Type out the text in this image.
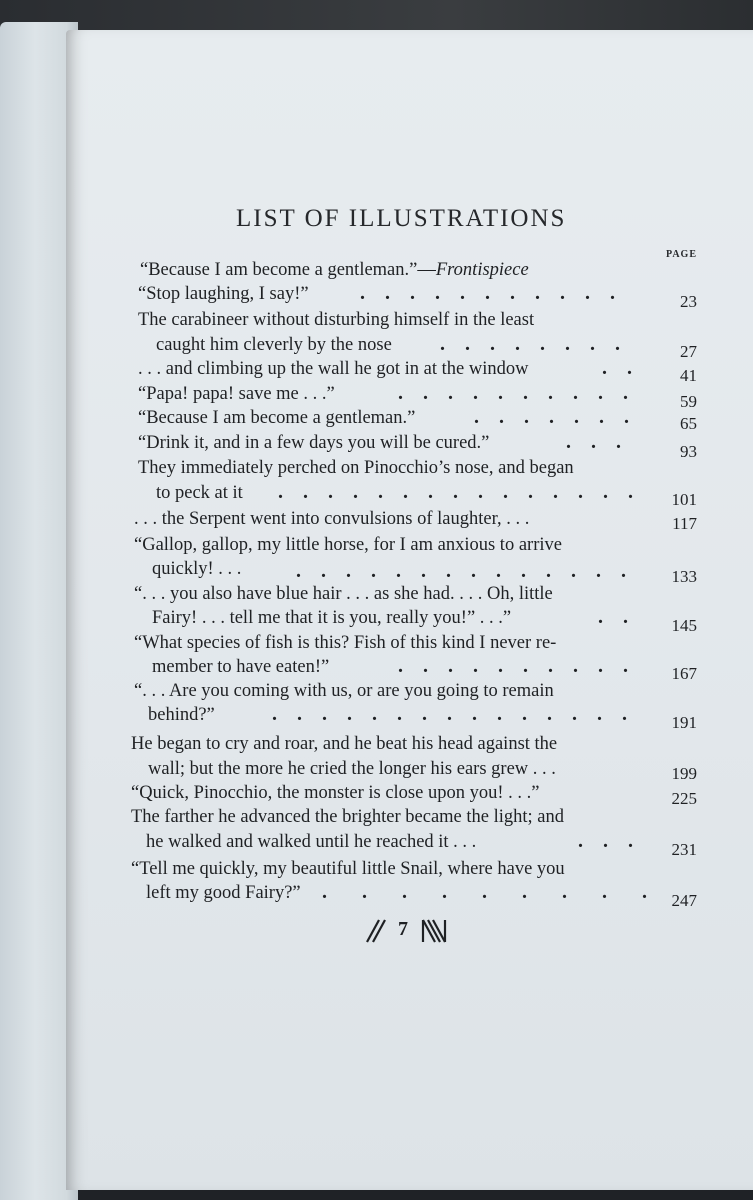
LIST OF ILLUSTRATIONS
PAGE
“Because I am become a gentleman.”—Frontispiece
“Stop laughing, I say!”	.    .    .    .    .    .    .    .    .    .    .	23
The carabineer without disturbing himself in the least
caught him cleverly by the nose .    .    .    .    .    .    .    .	27
. . . and climbing up the wall he got in at the window	.    .	41
“Papa! papa! save me . . .”	.    .    .    .    .    .    .    .    .    .	59
“Because I am become a gentleman.”	.    .    .    .    .    .    .	65
“Drink it, and in a few days you will be cured.”	.    .    .	93
They immediately perched on Pinocchio’s nose, and began
to peck at it .    .    .    .    .    .    .    .    .    .    .    .    .    .    . 101
. . . the Serpent went into convulsions of laughter, . . .	117
“Gallop, gallop, my little horse, for I am anxious to arrive
quickly! . . .	.    .    .    .    .    .    .    .    .    .    .    .    .    .	133
“. . . you also have blue hair . . . as she had. . . . Oh, little
Fairy! . . . tell me that it is you, really you!” . . .”	.    .	145
“What species of fish is this? Fish of this kind I never re-
member to have eaten!”	.    .    .    .    .    .    .    .    .    .	167
“. . . Are you coming with us, or are you going to remain
behind?”	.    .    .    .    .    .    .    .    .    .    .    .    .    .    .	191
He began to cry and roar, and he beat his head against the
wall; but the more he cried the longer his ears grew . . .	199
“Quick, Pinocchio, the monster is close upon you! . . .”	225
The farther he advanced the brighter became the light; and
he walked and walked until he reached it . . .	.    .    . 231
“Tell me quickly, my beautiful little Snail, where have you
left my good Fairy?” .       .       .       .       .       .       .       .       . 247
7
